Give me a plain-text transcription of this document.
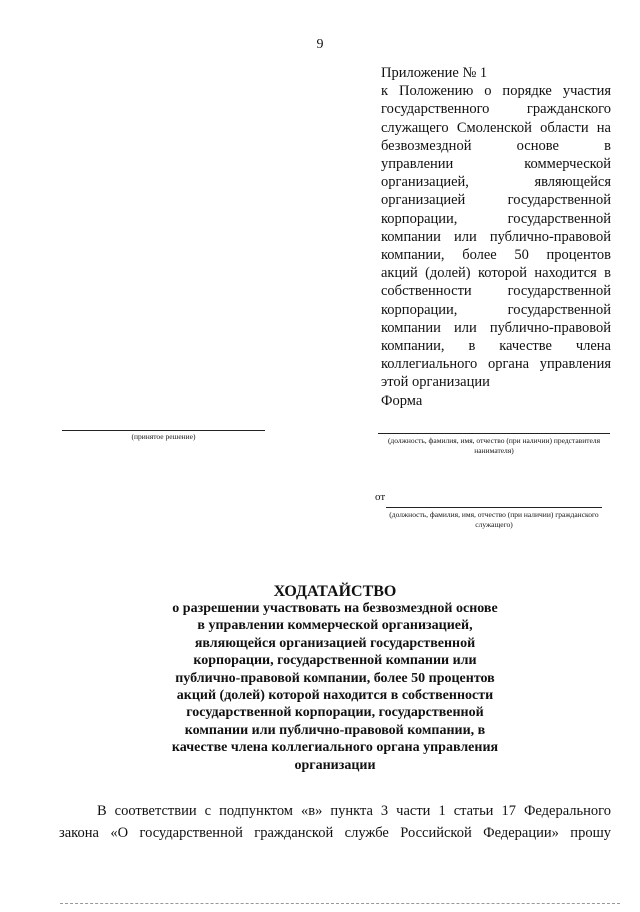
9
Приложение № 1
к Положению о порядке участия
государственного гражданского
служащего Смоленской области на
безвозмездной основе в
управлении коммерческой
организацией, являющейся
организацией государственной
корпорации, государственной
компании или публично-правовой
компании, более 50 процентов
акций (долей) которой находится в
собственности государственной
корпорации, государственной
компании или публично-правовой
компании, в качестве члена
коллегиального органа управления
этой организации
Форма
(принятое решение)	(должность, фамилия, имя, отчество (при наличии) представителя нанимателя)
от
(должность, фамилия, имя, отчество (при наличии) гражданского служащего)
ХОДАТАЙСТВО
о разрешении участвовать на безвозмездной основе
в управлении коммерческой организацией,
являющейся организацией государственной
корпорации, государственной компании или
публично-правовой компании, более 50 процентов
акций (долей) которой находится в собственности
государственной корпорации, государственной
компании или публично-правовой компании, в
качестве члена коллегиального органа управления
организации
В соответствии с подпунктом «в» пункта 3 части 1 статьи 17 Федерального
закона «О государственной гражданской службе Российской Федерации» прошу
